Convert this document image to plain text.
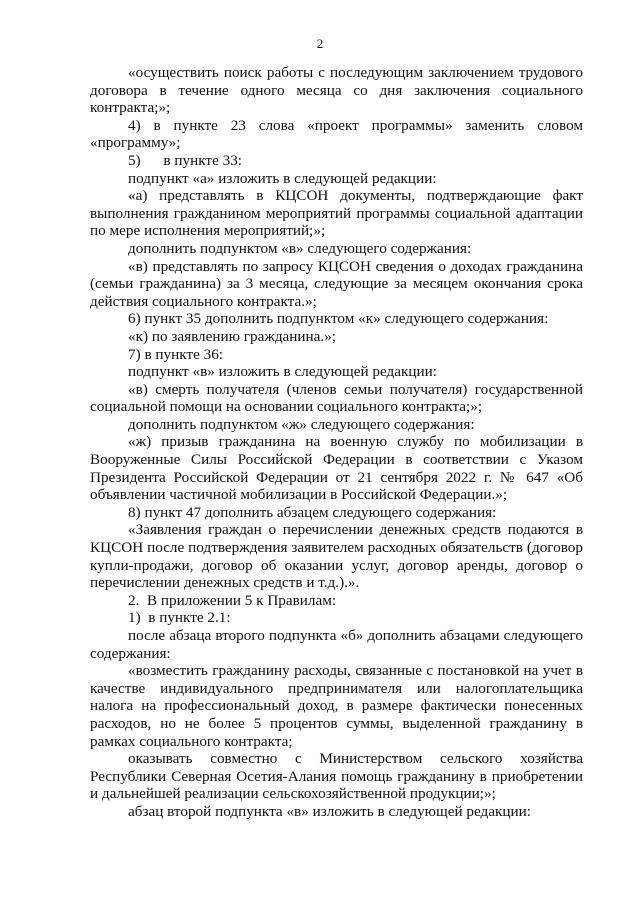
2

«осуществить поиск работы с последующим заключением трудового договора в течение одного месяца со дня заключения социального контракта;»;

4) в пункте 23 слова «проект программы» заменить словом «программу»;

5)      в пункте 33:

подпункт «а» изложить в следующей редакции:

«а) представлять в КЦСОН документы, подтверждающие факт выполнения гражданином мероприятий программы социальной адаптации по мере исполнения мероприятий;»;

дополнить подпунктом «в» следующего содержания:

«в) представлять по запросу КЦСОН сведения о доходах гражданина (семьи гражданина) за 3 месяца, следующие за месяцем окончания срока действия социального контракта.»;

6) пункт 35 дополнить подпунктом «к» следующего содержания:

«к) по заявлению гражданина.»;

7) в пункте 36:

подпункт «в» изложить в следующей редакции:

«в) смерть получателя (членов семьи получателя) государственной социальной помощи на основании социального контракта;»;

дополнить подпунктом «ж» следующего содержания:

«ж) призыв гражданина на военную службу по мобилизации в Вооруженные Силы Российской Федерации в соответствии с Указом Президента Российской Федерации от 21 сентября 2022 г. № 647 «Об объявлении частичной мобилизации в Российской Федерации.»;

8) пункт 47 дополнить абзацем следующего содержания:

«Заявления граждан о перечислении денежных средств подаются в КЦСОН после подтверждения заявителем расходных обязательств (договор купли-продажи, договор об оказании услуг, договор аренды, договор о перечислении денежных средств и т.д.).».

2.  В приложении 5 к Правилам:

1)  в пункте 2.1:

после абзаца второго подпункта «б» дополнить абзацами следующего содержания:

«возместить гражданину расходы, связанные с постановкой на учет в качестве индивидуального предпринимателя или налогоплательщика налога на профессиональный доход, в размере фактически понесенных расходов, но не более 5 процентов суммы, выделенной гражданину в рамках социального контракта;

оказывать совместно с Министерством сельского хозяйства Республики Северная Осетия-Алания помощь гражданину в приобретении и дальнейшей реализации сельскохозяйственной продукции;»;

абзац второй подпункта «в» изложить в следующей редакции:
